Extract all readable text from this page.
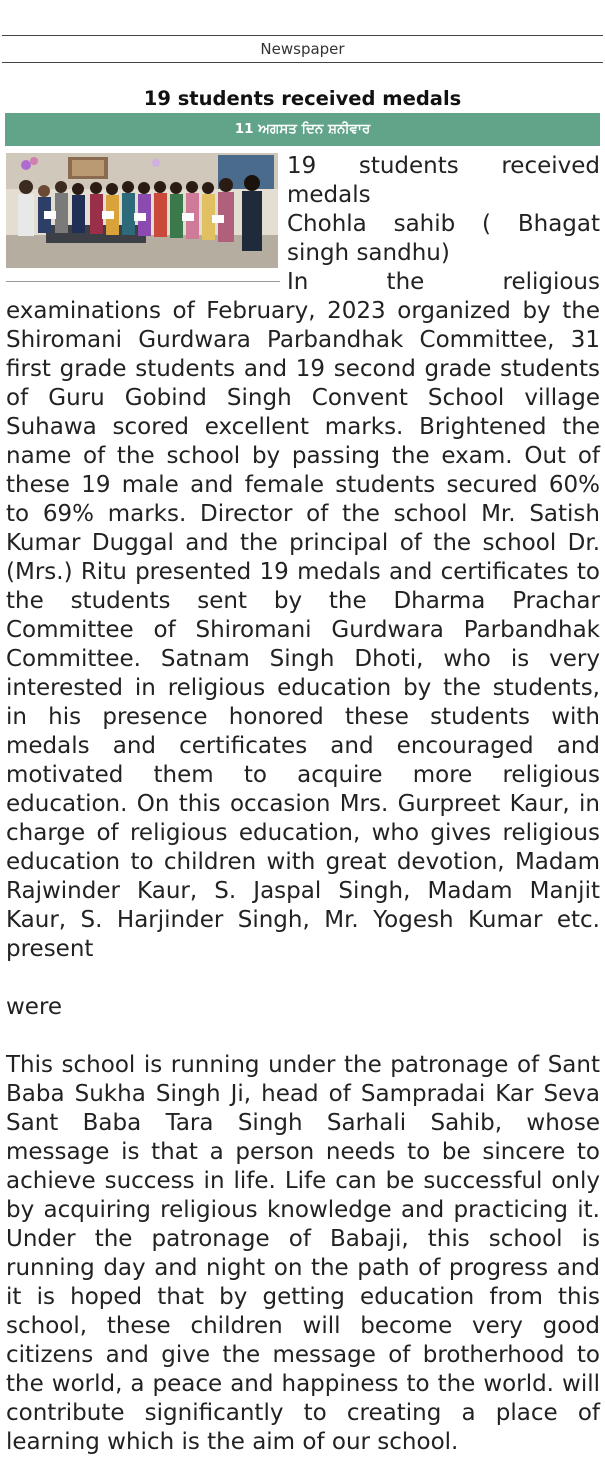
Newspaper
19 students received medals
11 ਅਗਸਤ ਦਿਨ ਸ਼ਨੀਵਾਰ

19 students received medals

Chohla sahib ( Bhagat singh sandhu)

In the religious examinations of February, 2023 organized by the Shiromani Gurdwara Parbandhak Committee, 31 first grade students and 19 second grade students of Guru Gobind Singh Convent School village Suhawa scored excellent marks. Brightened the name of the school by passing the exam. Out of these 19 male and female students secured 60% to 69% marks. Director of the school Mr. Satish Kumar Duggal and the principal of the school Dr. (Mrs.) Ritu presented 19 medals and certificates to the students sent by the Dharma Prachar Committee of Shiromani Gurdwara Parbandhak Committee. Satnam Singh Dhoti, who is very interested in religious education by the students, in his presence honored these students with medals and certificates and encouraged and motivated them to acquire more religious education. On this occasion Mrs. Gurpreet Kaur, in charge of religious education, who gives religious education to children with great devotion, Madam Rajwinder Kaur, S. Jaspal Singh, Madam Manjit Kaur, S. Harjinder Singh, Mr. Yogesh Kumar etc. present

were

This school is running under the patronage of Sant Baba Sukha Singh Ji, head of Sampradai Kar Seva Sant Baba Tara Singh Sarhali Sahib, whose message is that a person needs to be sincere to achieve success in life. Life can be successful only by acquiring religious knowledge and practicing it. Under the patronage of Babaji, this school is running day and night on the path of progress and it is hoped that by getting education from this school, these children will become very good citizens and give the message of brotherhood to the world, a peace and happiness to the world. will contribute significantly to creating a place of learning which is the aim of our school.
